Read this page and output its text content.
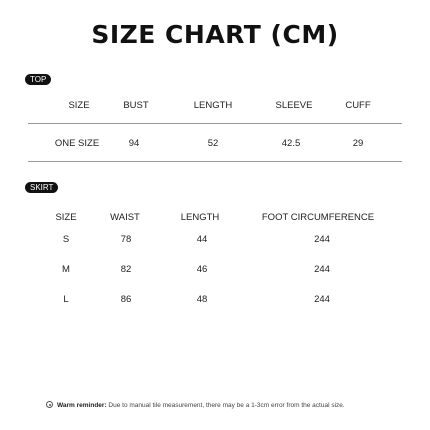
SIZE CHART (CM)
TOP
SIZE	BUST	LENGTH	SLEEVE	CUFF
ONE SIZE	94	52	42.5	29
SKIRT
SIZE	WAIST	LENGTH	FOOT CIRCUMFERENCE
S	78	44	244
M	82	46	244
L	86	48	244
Warm reminder: Due to manual tile measurement, there may be a 1-3cm error from the actual size.
